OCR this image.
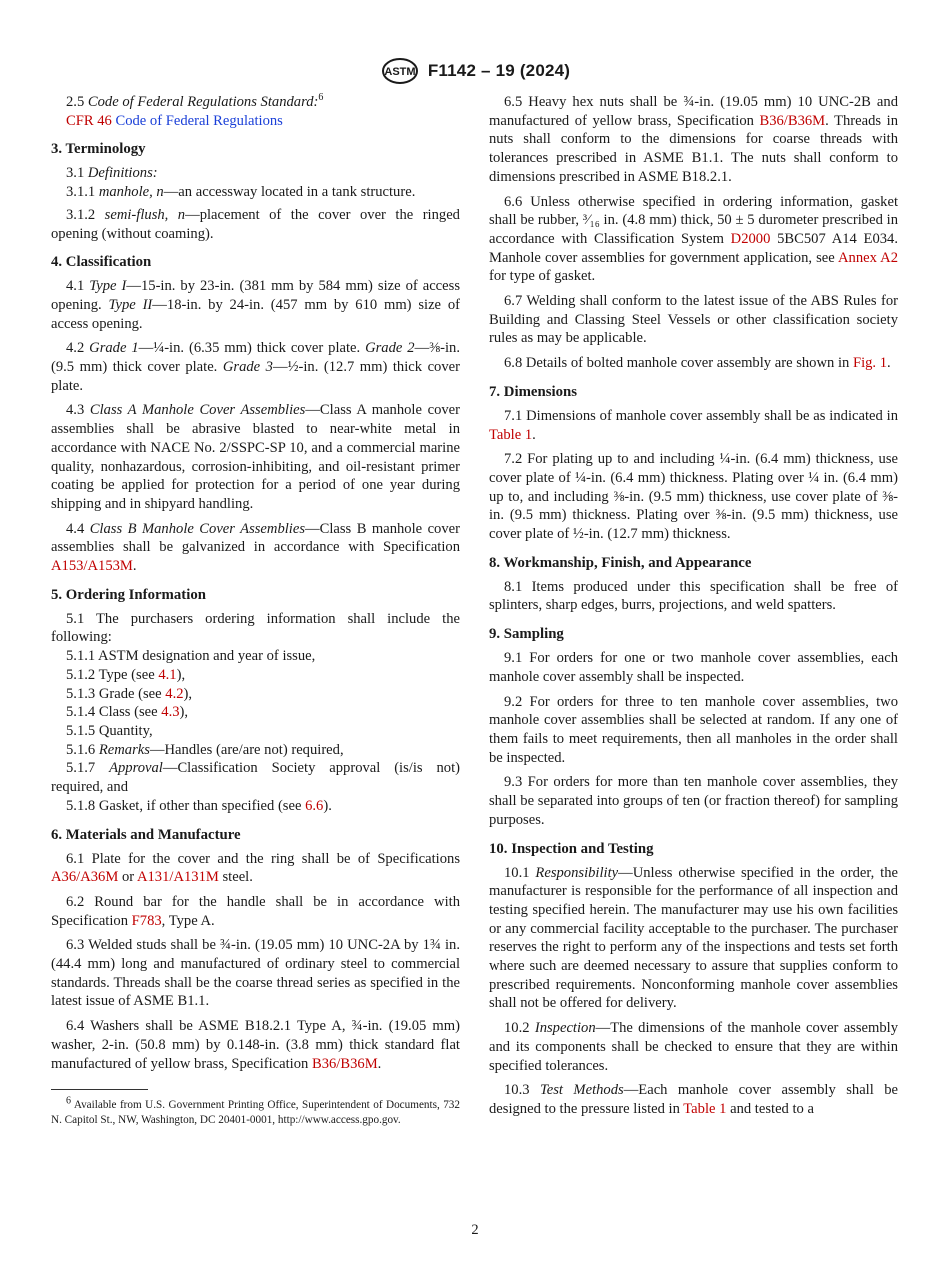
ASTM F1142 – 19 (2024)

2.5 Code of Federal Regulations Standard:$^6$

CFR 46 Code of Federal Regulations

3. Terminology

3.1 Definitions:

3.1.1 manhole, n—an accessway located in a tank structure.

3.1.2 semi-flush, n—placement of the cover over the ringed opening (without coaming).

4. Classification

4.1 Type I—15-in. by 23-in. (381 mm by 584 mm) size of access opening. Type II—18-in. by 24-in. (457 mm by 610 mm) size of access opening.

4.2 Grade 1—¼-in. (6.35 mm) thick cover plate. Grade 2—⅜-in. (9.5 mm) thick cover plate. Grade 3—½-in. (12.7 mm) thick cover plate.

4.3 Class A Manhole Cover Assemblies—Class A manhole cover assemblies shall be abrasive blasted to near-white metal in accordance with NACE No. 2/SSPC-SP 10, and a commercial marine quality, nonhazardous, corrosion-inhibiting, and oil-resistant primer coating be applied for protection for a period of one year during shipping and in shipyard handling.

4.4 Class B Manhole Cover Assemblies—Class B manhole cover assemblies shall be galvanized in accordance with Specification A153/A153M.

5. Ordering Information

5.1 The purchasers ordering information shall include the following:

5.1.1 ASTM designation and year of issue,

5.1.2 Type (see 4.1),

5.1.3 Grade (see 4.2),

5.1.4 Class (see 4.3),

5.1.5 Quantity,

5.1.6 Remarks—Handles (are/are not) required,

5.1.7 Approval—Classification Society approval (is/is not) required, and

5.1.8 Gasket, if other than specified (see 6.6).

6. Materials and Manufacture

6.1 Plate for the cover and the ring shall be of Specifications A36/A36M or A131/A131M steel.

6.2 Round bar for the handle shall be in accordance with Specification F783, Type A.

6.3 Welded studs shall be ¾-in. (19.05 mm) 10 UNC-2A by 1¾ in. (44.4 mm) long and manufactured of ordinary steel to commercial standards. Threads shall be the coarse thread series as specified in the latest issue of ASME B1.1.

6.4 Washers shall be ASME B18.2.1 Type A, ¾-in. (19.05 mm) washer, 2-in. (50.8 mm) by 0.148-in. (3.8 mm) thick standard flat manufactured of yellow brass, Specification B36/B36M.

$^6$ Available from U.S. Government Printing Office, Superintendent of Documents, 732 N. Capitol St., NW, Washington, DC 20401-0001, http://www.access.gpo.gov.

6.5 Heavy hex nuts shall be ¾-in. (19.05 mm) 10 UNC-2B and manufactured of yellow brass, Specification B36/B36M. Threads in nuts shall conform to the dimensions for coarse threads with tolerances prescribed in ASME B1.1. The nuts shall conform to dimensions prescribed in ASME B18.2.1.

6.6 Unless otherwise specified in ordering information, gasket shall be rubber, ³⁄₁₆ in. (4.8 mm) thick, 50 ± 5 durometer prescribed in accordance with Classification System D2000 5BC507 A14 E034. Manhole cover assemblies for government application, see Annex A2 for type of gasket.

6.7 Welding shall conform to the latest issue of the ABS Rules for Building and Classing Steel Vessels or other classification society rules as may be applicable.

6.8 Details of bolted manhole cover assembly are shown in Fig. 1.

7. Dimensions

7.1 Dimensions of manhole cover assembly shall be as indicated in Table 1.

7.2 For plating up to and including ¼-in. (6.4 mm) thickness, use cover plate of ¼-in. (6.4 mm) thickness. Plating over ¼ in. (6.4 mm) up to, and including ⅜-in. (9.5 mm) thickness, use cover plate of ⅜-in. (9.5 mm) thickness. Plating over ⅜-in. (9.5 mm) thickness, use cover plate of ½-in. (12.7 mm) thickness.

8. Workmanship, Finish, and Appearance

8.1 Items produced under this specification shall be free of splinters, sharp edges, burrs, projections, and weld spatters.

9. Sampling

9.1 For orders for one or two manhole cover assemblies, each manhole cover assembly shall be inspected.

9.2 For orders for three to ten manhole cover assemblies, two manhole cover assemblies shall be selected at random. If any one of them fails to meet requirements, then all manholes in the order shall be inspected.

9.3 For orders for more than ten manhole cover assemblies, they shall be separated into groups of ten (or fraction thereof) for sampling purposes.

10. Inspection and Testing

10.1 Responsibility—Unless otherwise specified in the order, the manufacturer is responsible for the performance of all inspection and testing specified herein. The manufacturer may use his own facilities or any commercial facility acceptable to the purchaser. The purchaser reserves the right to perform any of the inspections and tests set forth where such are deemed necessary to assure that supplies conform to prescribed requirements. Nonconforming manhole cover assemblies shall not be offered for delivery.

10.2 Inspection—The dimensions of the manhole cover assembly and its components shall be checked to ensure that they are within specified tolerances.

10.3 Test Methods—Each manhole cover assembly shall be designed to the pressure listed in Table 1 and tested to a

2
